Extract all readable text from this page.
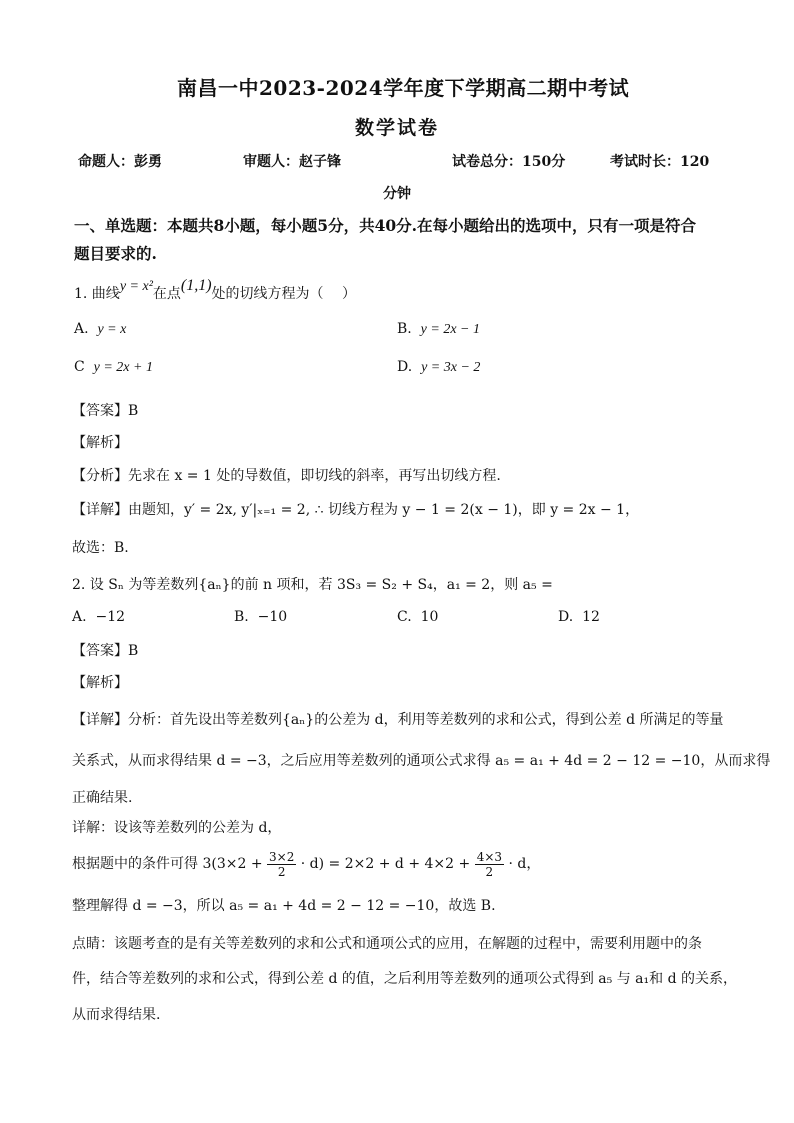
南昌一中2023-2024学年度下学期高二期中考试
数学试卷
命题人：彭勇	审题人：赵子锋	试卷总分：150分	考试时长：120
分钟
一、单选题：本题共8小题，每小题5分，共40分.在每小题给出的选项中，只有一项是符合
题目要求的.
1. 曲线y = x²在点(1,1)处的切线方程为（　 ）
A. y = x	B. y = 2x − 1
C y = 2x + 1	D. y = 3x − 2
【答案】B
【解析】
【分析】先求在 x = 1 处的导数值，即切线的斜率，再写出切线方程.
【详解】由题知，y′ = 2x, y′|ₓ₌₁ = 2, ∴ 切线方程为 y − 1 = 2(x − 1)，即 y = 2x − 1，
故选：B.
2. 设 Sₙ 为等差数列{aₙ}的前 n 项和，若 3S₃ = S₂ + S₄，a₁ = 2，则 a₅ =
A. −12	B. −10	C. 10	D. 12
【答案】B
【解析】
【详解】分析：首先设出等差数列{aₙ}的公差为 d，利用等差数列的求和公式，得到公差 d 所满足的等量
关系式，从而求得结果 d = −3，之后应用等差数列的通项公式求得 a₅ = a₁ + 4d = 2 − 12 = −10，从而求得
正确结果.
详解：设该等差数列的公差为 d，
根据题中的条件可得 $3(3\times 2 + \frac{3\times 2}{2} \cdot d) = 2\times 2 + d + 4\times 2 + \frac{4\times 3}{2} \cdot d$，
整理解得 d = −3，所以 a₅ = a₁ + 4d = 2 − 12 = −10，故选 B.
点睛：该题考查的是有关等差数列的求和公式和通项公式的应用，在解题的过程中，需要利用题中的条
件，结合等差数列的求和公式，得到公差 d 的值，之后利用等差数列的通项公式得到 a₅ 与 a₁和 d 的关系，
从而求得结果.
